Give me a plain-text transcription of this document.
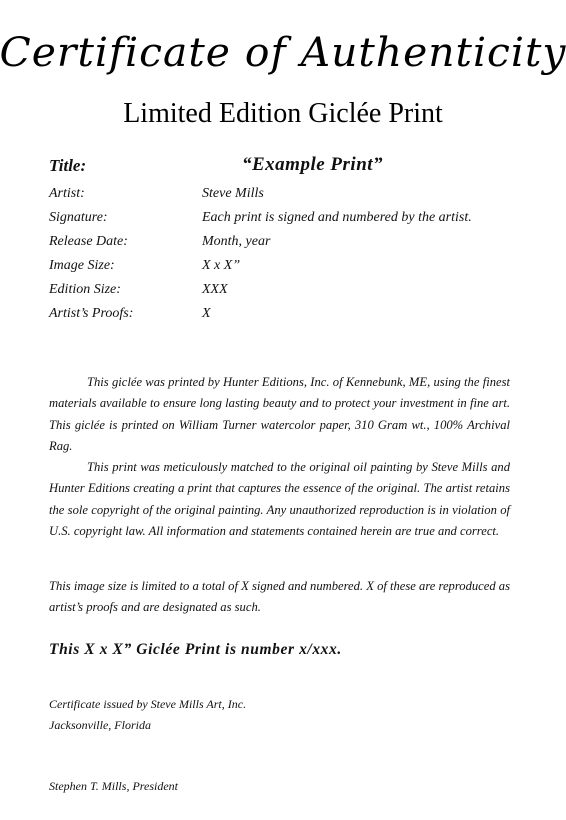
Certificate of Authenticity
Limited Edition Giclée Print
Title:	“Example Print”
Artist:	Steve Mills
Signature:	Each print is signed and numbered by the artist.
Release Date:	Month, year
Image Size:	X x X”
Edition Size:	XXX
Artist’s Proofs:	X
This giclée was printed by Hunter Editions, Inc. of Kennebunk, ME, using the finest materials available to ensure long lasting beauty and to protect your investment in fine art. This giclée is printed on William Turner watercolor paper, 310 Gram wt., 100% Archival Rag.
This print was meticulously matched to the original oil painting by Steve Mills and Hunter Editions creating a print that captures the essence of the original. The artist retains the sole copyright of the original painting. Any unauthorized reproduction is in violation of U.S. copyright law. All information and statements contained herein are true and correct.
This image size is limited to a total of X signed and numbered. X of these are reproduced as artist’s proofs and are designated as such.
This X x X” Giclée Print is number x/xxx.
Certificate issued by Steve Mills Art, Inc.
Jacksonville, Florida
Stephen T. Mills, President
